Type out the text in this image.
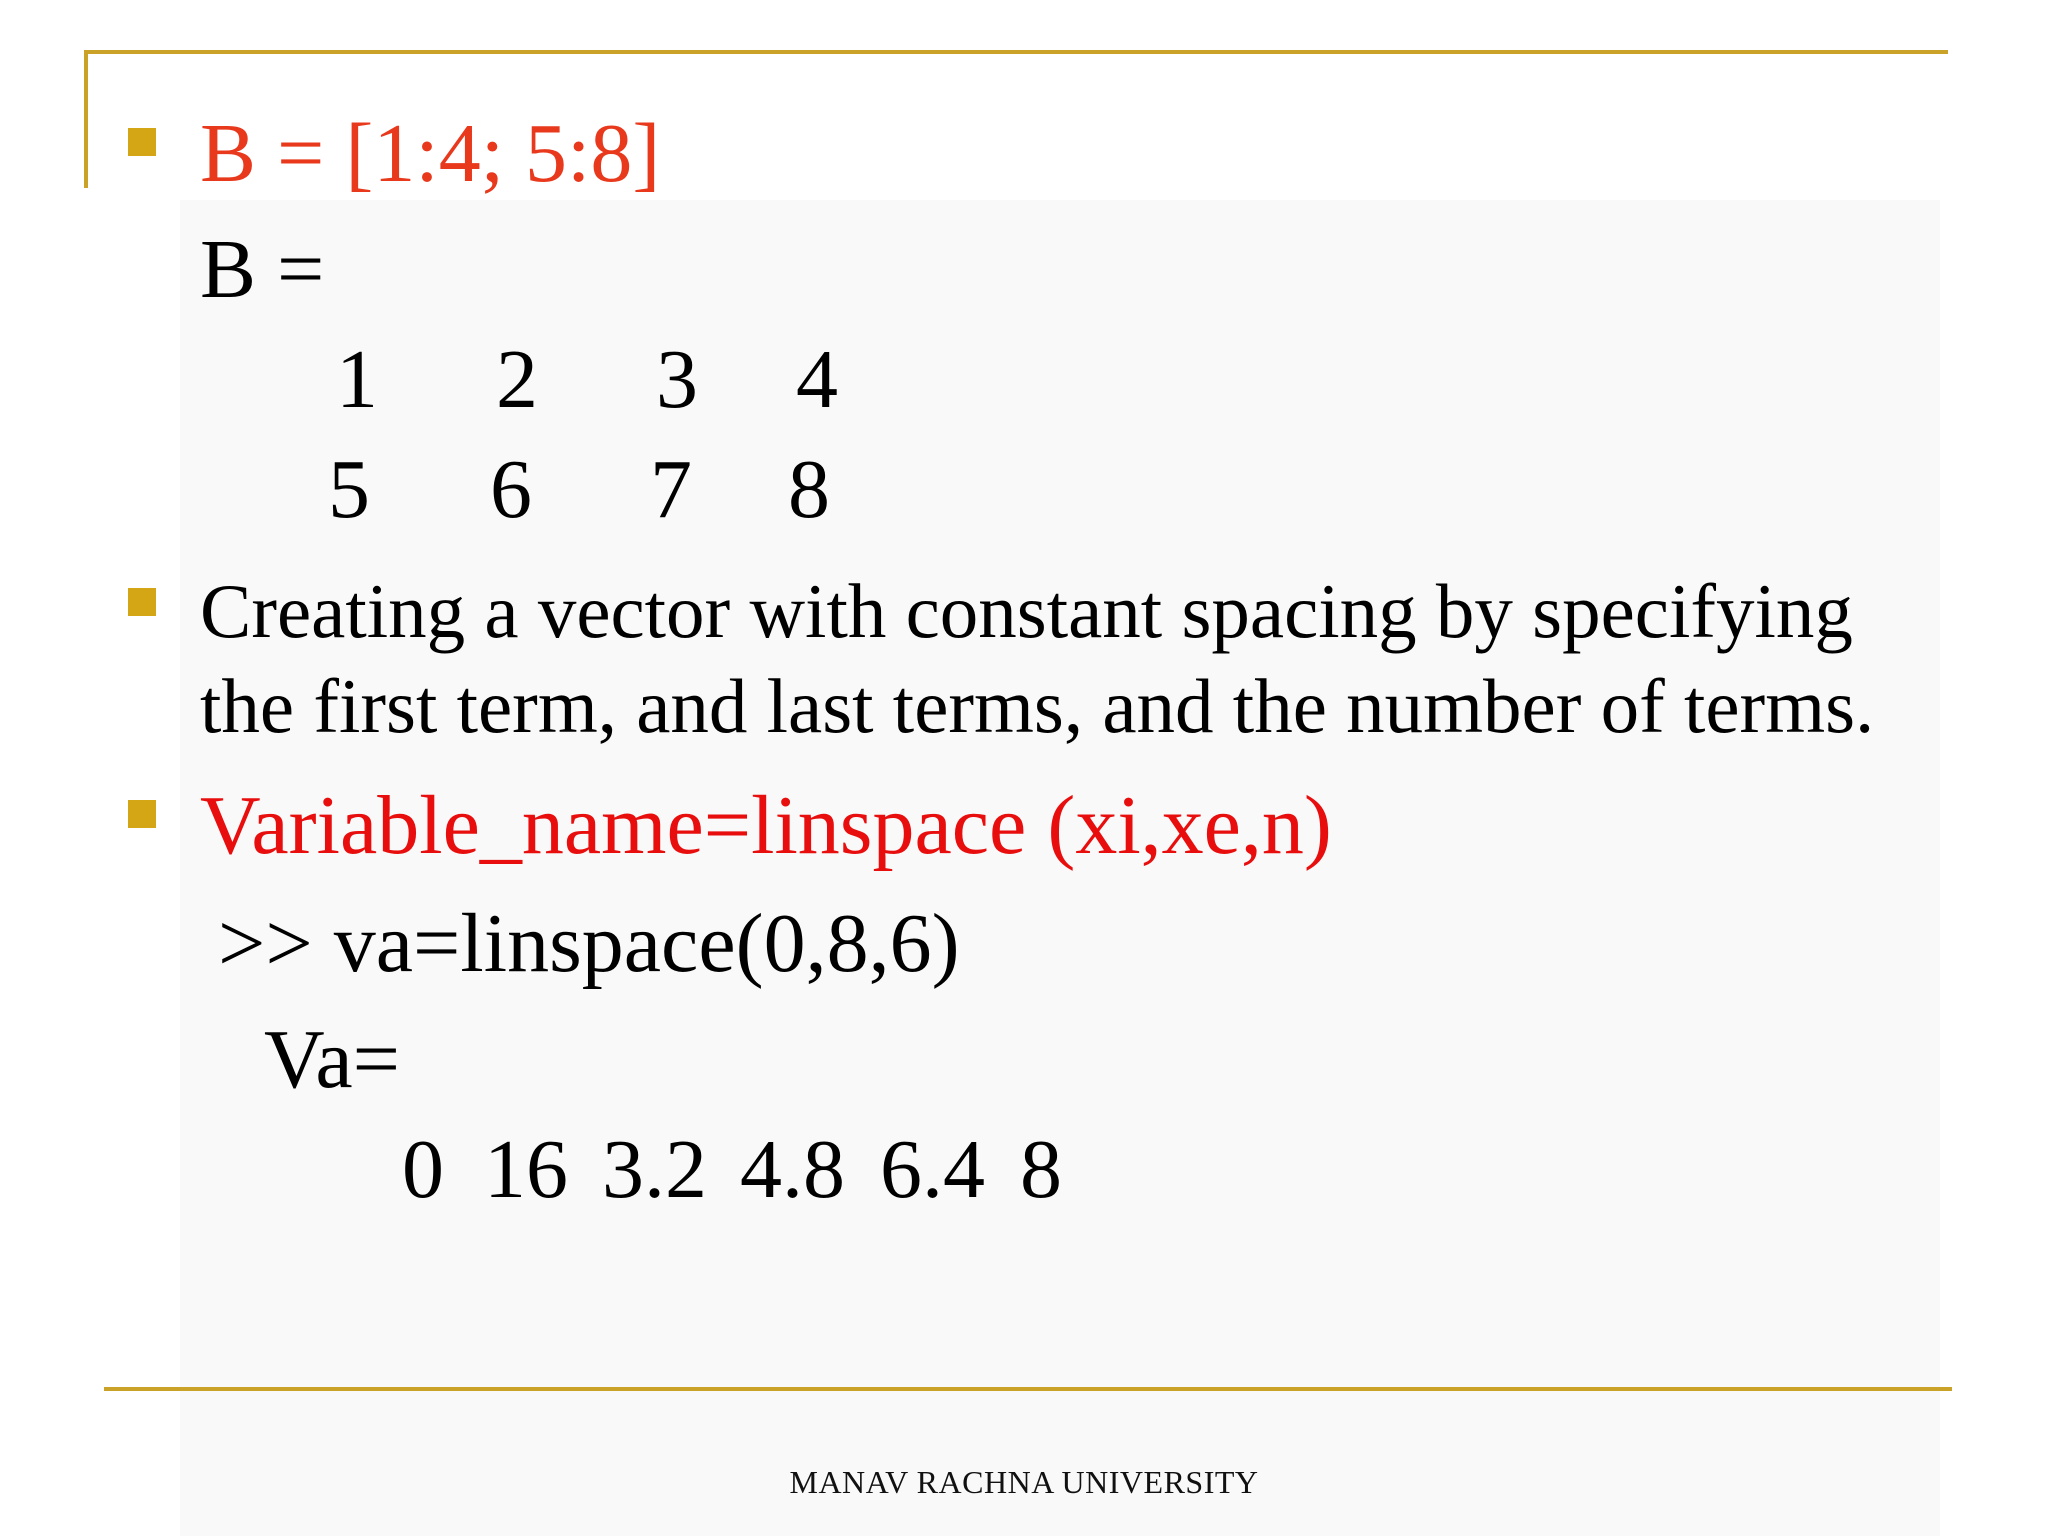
B = [1:4; 5:8]
B =
1 2 3 4
5 6 7 8
Creating a vector with constant spacing by specifying
the first term, and last terms, and the number of terms.
Variable_name=linspace (xi,xe,n)
>> va=linspace(0,8,6)
Va=
0 16 3.2 4.8 6.4 8
MANAV RACHNA UNIVERSITY
